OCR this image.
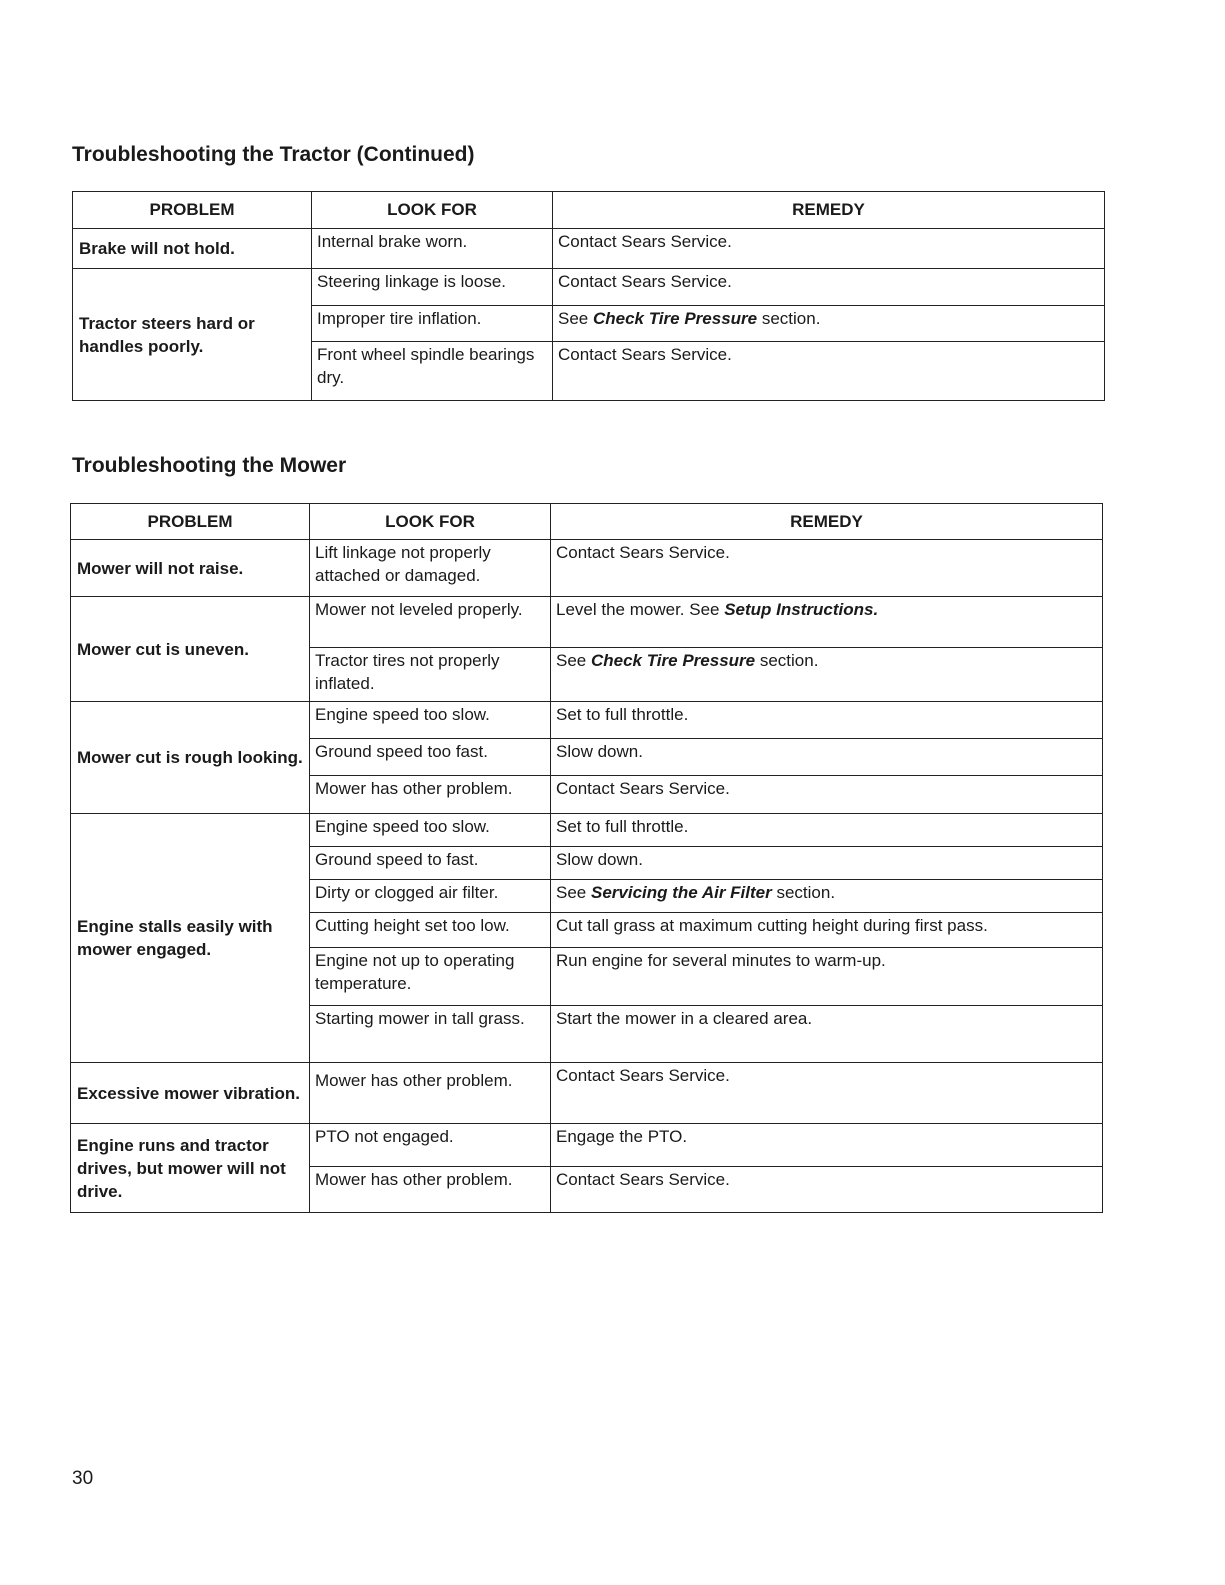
Troubleshooting the Tractor (Continued)
PROBLEM	LOOK FOR	REMEDY
Brake will not hold.	Internal brake worn.	Contact Sears Service.

Tractor steers hard or handles poorly.	Steering linkage is loose.	Contact Sears Service.

	Improper tire inflation.	See Check Tire Pressure section.

	Front wheel spindle bearings dry.	Contact Sears Service.
Troubleshooting the Mower
PROBLEM	LOOK FOR	REMEDY
Mower will not raise.	Lift linkage not properly attached or damaged.	Contact Sears Service.

Mower cut is uneven.	Mower not leveled properly.	Level the mower. See Setup Instructions.

	Tractor tires not properly inflated.	See Check Tire Pressure section.

Mower cut is rough looking.	Engine speed too slow.	Set to full throttle.

	Ground speed too fast.	Slow down.

	Mower has other problem.	Contact Sears Service.

Engine stalls easily with mower engaged.	Engine speed too slow.	Set to full throttle.

	Ground speed to fast.	Slow down.

	Dirty or clogged air filter.	See Servicing the Air Filter section.

	Cutting height set too low.	Cut tall grass at maximum cutting height during first pass.

	Engine not up to operating temperature.	Run engine for several minutes to warm-up.

	Starting mower in tall grass.	Start the mower in a cleared area.

Excessive mower vibration.	Mower has other problem.	Contact Sears Service.

Engine runs and tractor drives, but mower will not drive.	PTO not engaged.	Engage the PTO.

	Mower has other problem.	Contact Sears Service.
30
